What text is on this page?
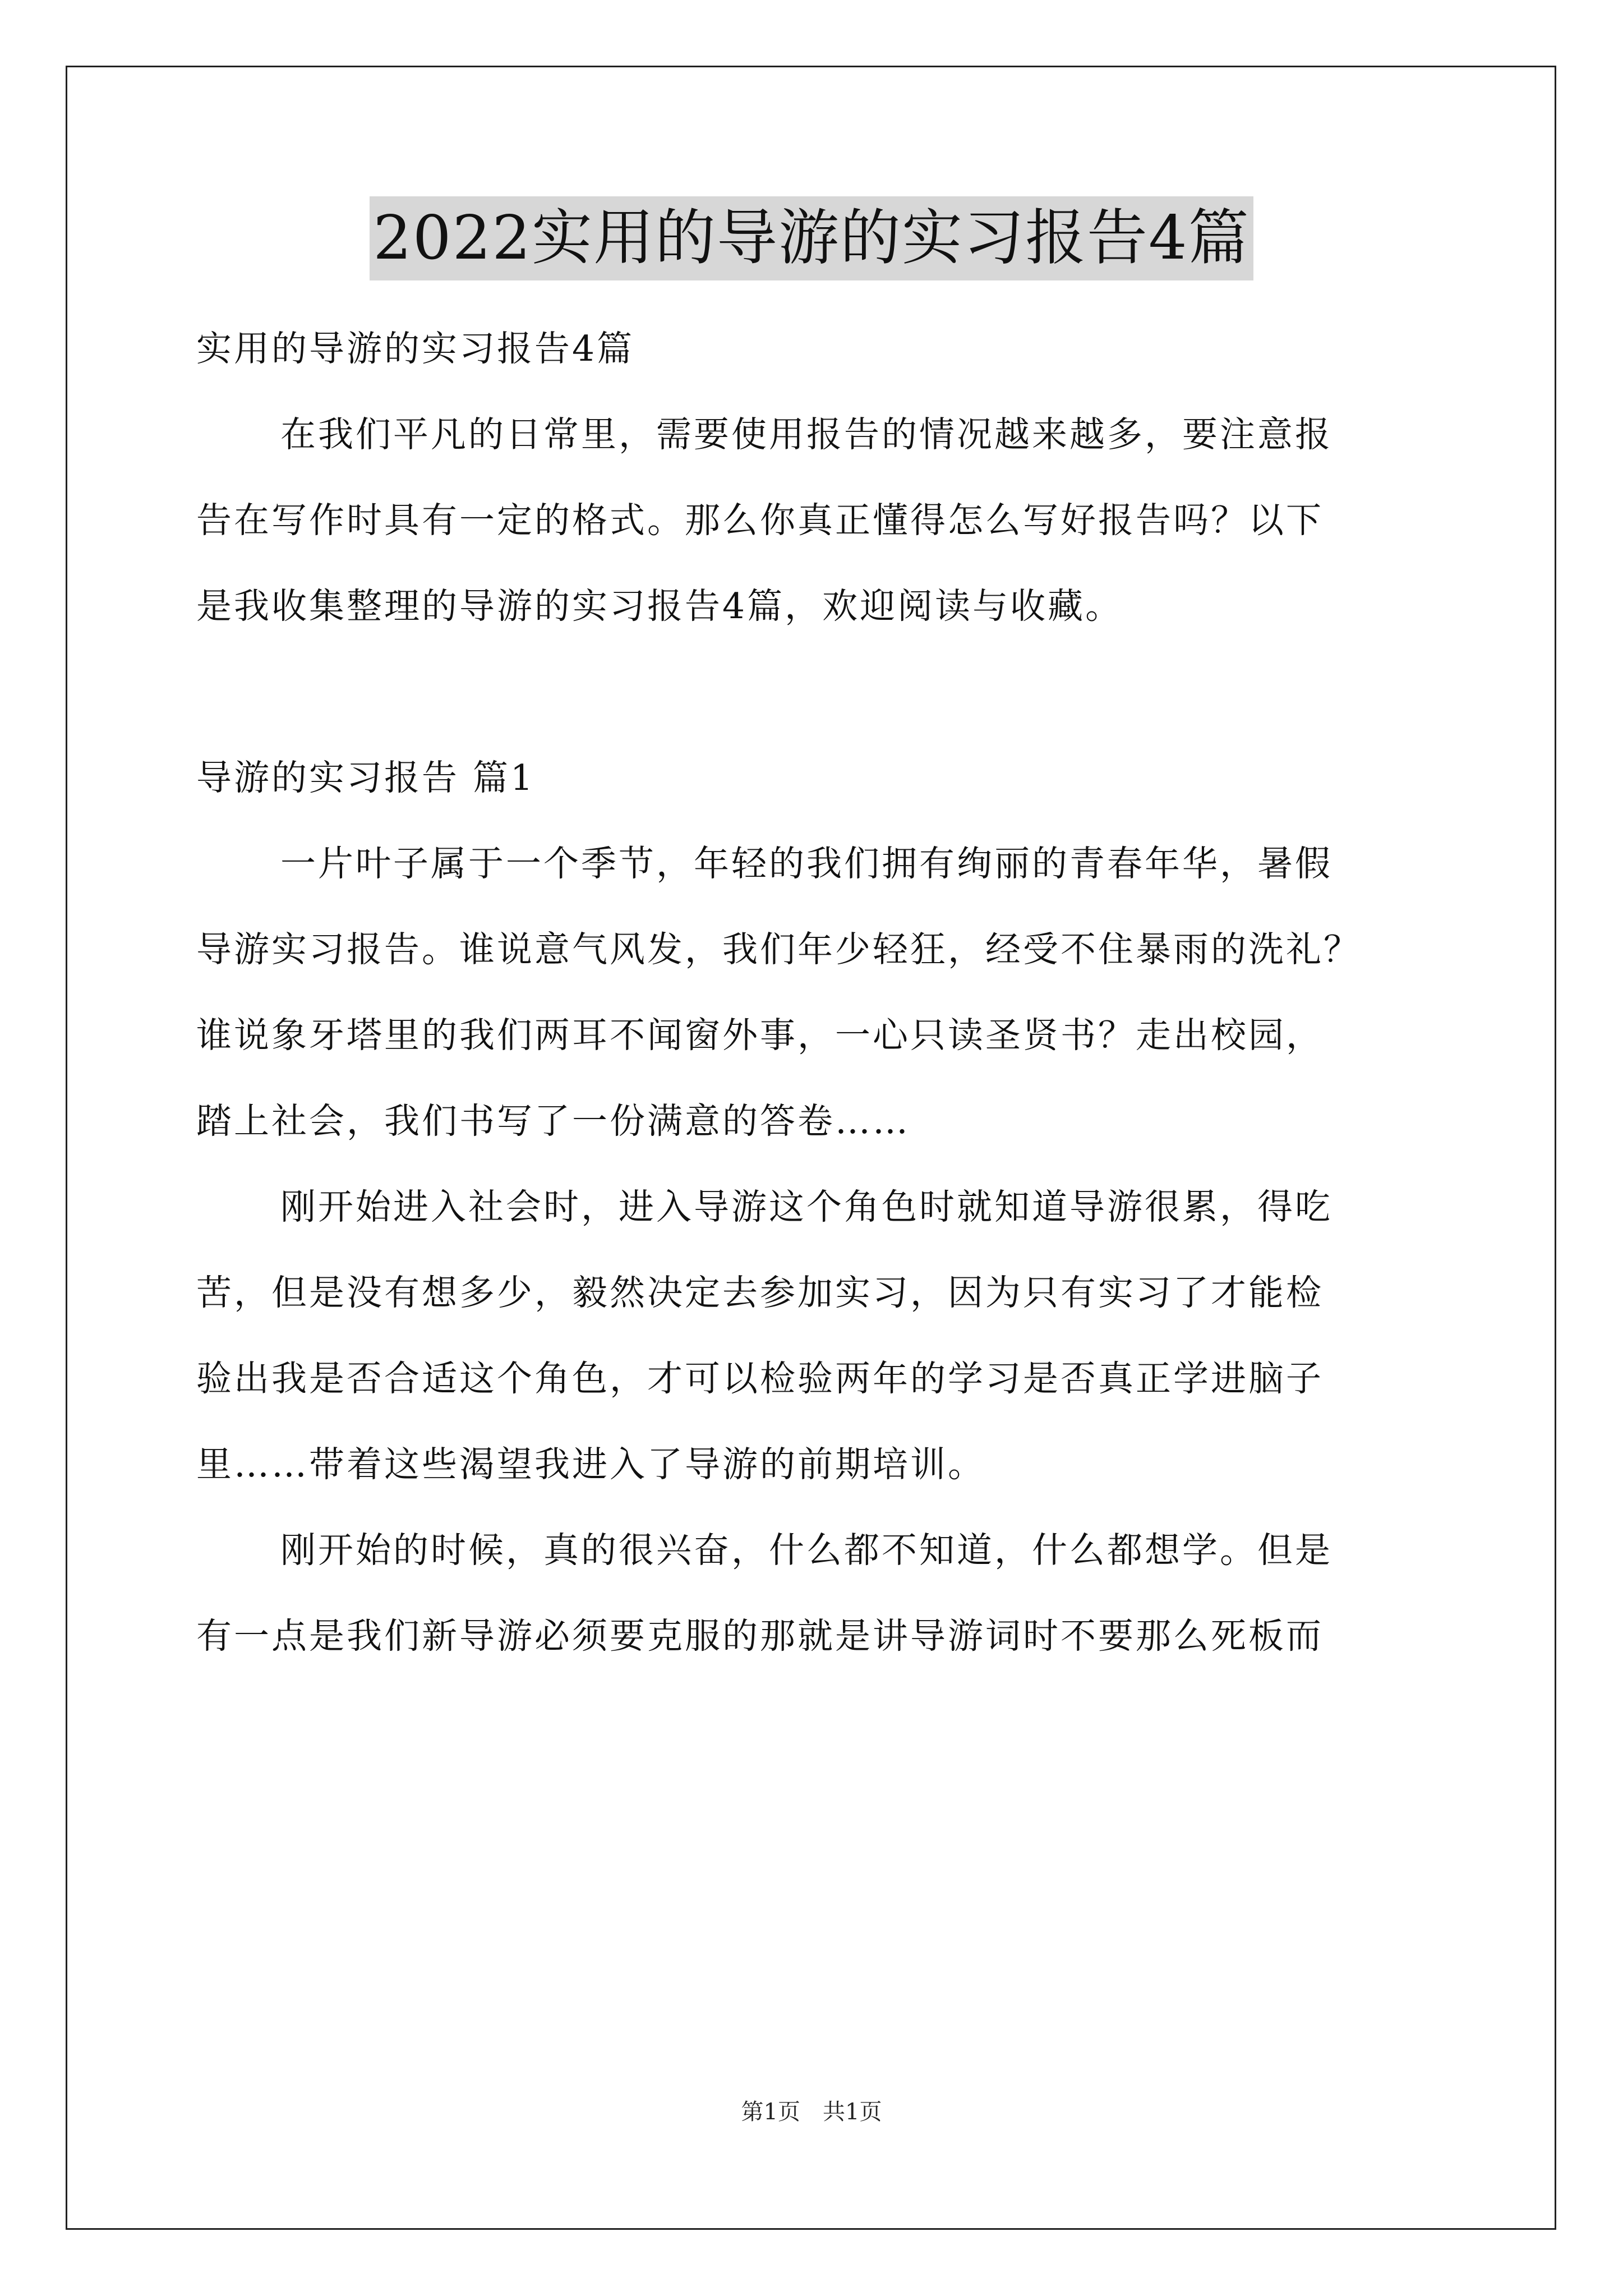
2022实用的导游的实习报告4篇
实用的导游的实习报告4篇
在我们平凡的日常里，需要使用报告的情况越来越多，要注意报
告在写作时具有一定的格式。那么你真正懂得怎么写好报告吗？以下
是我收集整理的导游的实习报告4篇，欢迎阅读与收藏。
导游的实习报告 篇1
一片叶子属于一个季节，年轻的我们拥有绚丽的青春年华，暑假
导游实习报告。谁说意气风发，我们年少轻狂，经受不住暴雨的洗礼？
谁说象牙塔里的我们两耳不闻窗外事，一心只读圣贤书？走出校园，
踏上社会，我们书写了一份满意的答卷……
刚开始进入社会时，进入导游这个角色时就知道导游很累，得吃
苦，但是没有想多少，毅然决定去参加实习，因为只有实习了才能检
验出我是否合适这个角色，才可以检验两年的学习是否真正学进脑子
里……带着这些渴望我进入了导游的前期培训。
刚开始的时候，真的很兴奋，什么都不知道，什么都想学。但是
有一点是我们新导游必须要克服的那就是讲导游词时不要那么死板而
第1页 共1页
